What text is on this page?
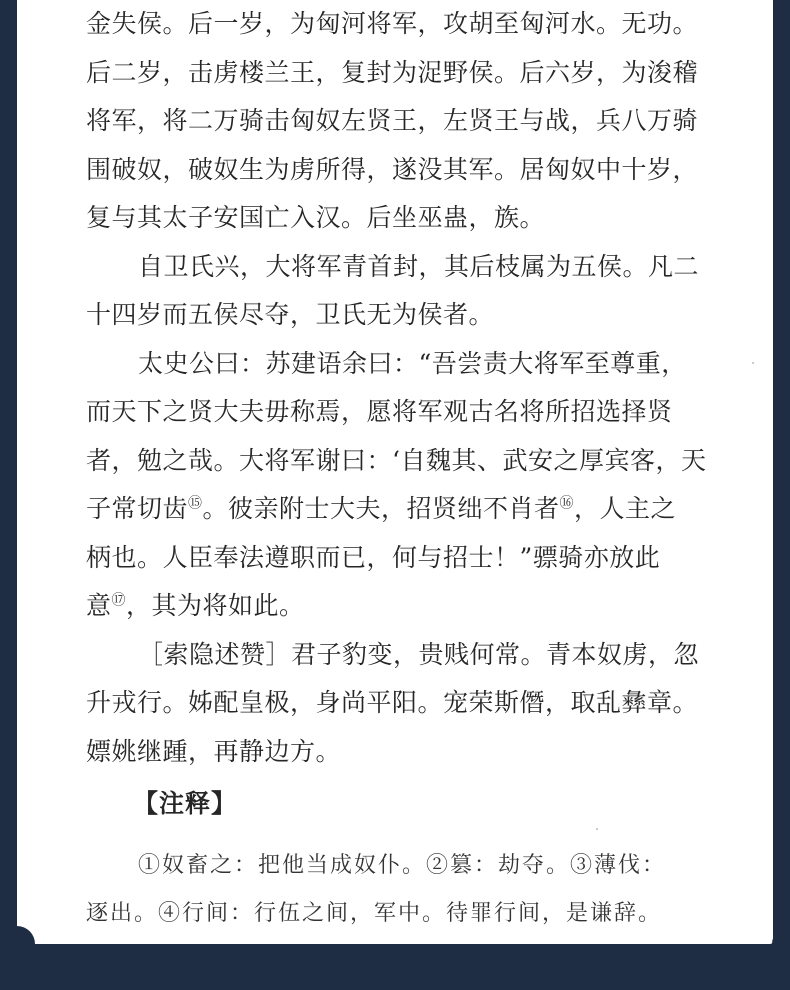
金失侯。后一岁，为匈河将军，攻胡至匈河水。无功。
后二岁，击虏楼兰王，复封为浞野侯。后六岁，为浚稽
将军，将二万骑击匈奴左贤王，左贤王与战，兵八万骑
围破奴，破奴生为虏所得，遂没其军。居匈奴中十岁，
复与其太子安国亡入汉。后坐巫蛊，族。
自卫氏兴，大将军青首封，其后枝属为五侯。凡二
十四岁而五侯尽夺，卫氏无为侯者。
太史公曰：苏建语余曰：“吾尝责大将军至尊重，
而天下之贤大夫毋称焉，愿将军观古名将所招选择贤
者，勉之哉。大将军谢曰：‘自魏其、武安之厚宾客，天
子常切齿⑮。彼亲附士大夫，招贤绌不肖者⑯，人主之
柄也。人臣奉法遵职而已，何与招士！”骠骑亦放此
意⑰，其为将如此。
［索隐述赞］君子豹变，贵贱何常。青本奴虏，忽
升戎行。姊配皇极，身尚平阳。宠荣斯僭，取乱彝章。
嫖姚继踵，再静边方。
【注释】
①奴畜之：把他当成奴仆。②篡：劫夺。③薄伐：
逐出。④行间：行伍之间，军中。待罪行间，是谦辞。
